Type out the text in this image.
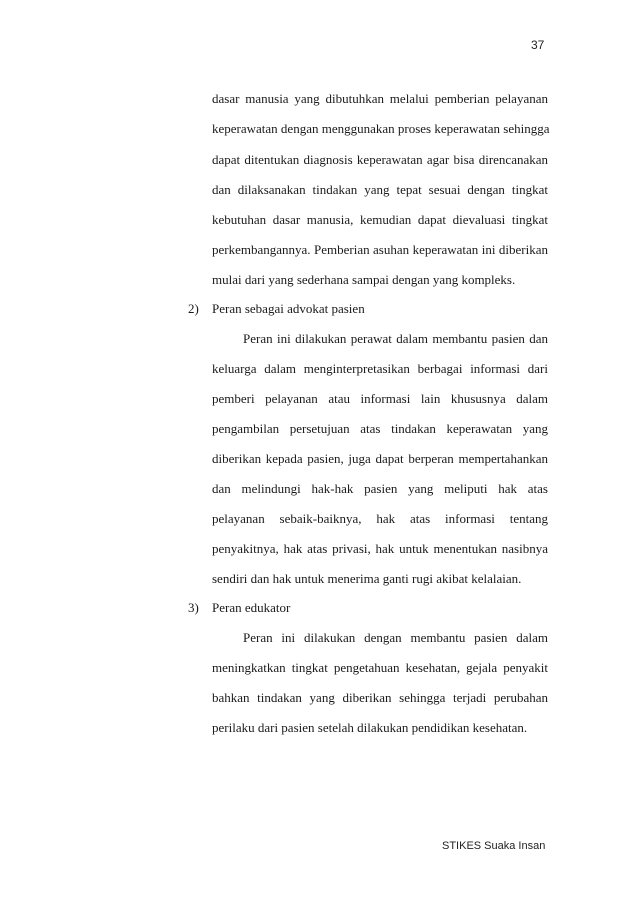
37
dasar manusia yang dibutuhkan melalui pemberian pelayanan
keperawatan dengan menggunakan proses keperawatan sehingga
dapat ditentukan diagnosis keperawatan agar bisa direncanakan
dan dilaksanakan tindakan yang tepat sesuai dengan tingkat
kebutuhan dasar manusia, kemudian dapat dievaluasi tingkat
perkembangannya. Pemberian asuhan keperawatan ini diberikan
mulai dari yang sederhana sampai dengan yang kompleks.
2) Peran sebagai advokat pasien
Peran ini dilakukan perawat dalam membantu pasien dan
keluarga dalam menginterpretasikan berbagai informasi dari
pemberi pelayanan atau informasi lain khususnya dalam
pengambilan persetujuan atas tindakan keperawatan yang
diberikan kepada pasien, juga dapat berperan mempertahankan
dan melindungi hak-hak pasien yang meliputi hak atas
pelayanan sebaik-baiknya, hak atas informasi tentang
penyakitnya, hak atas privasi, hak untuk menentukan nasibnya
sendiri dan hak untuk menerima ganti rugi akibat kelalaian.
3) Peran edukator
Peran ini dilakukan dengan membantu pasien dalam
meningkatkan tingkat pengetahuan kesehatan, gejala penyakit
bahkan tindakan yang diberikan sehingga terjadi perubahan
perilaku dari pasien setelah dilakukan pendidikan kesehatan.
STIKES Suaka Insan
